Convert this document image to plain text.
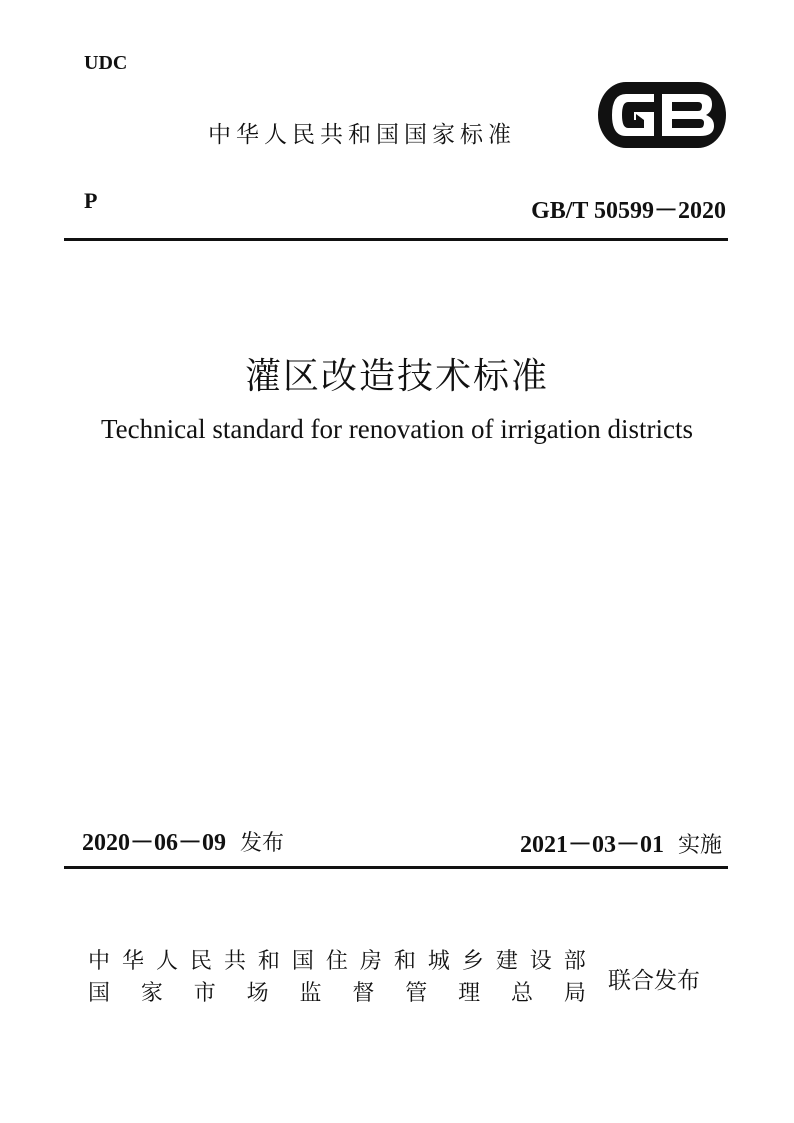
UDC
中华人民共和国国家标准
P	GB/T 50599－2020
灌区改造技术标准
Technical standard for renovation of irrigation districts
2020－06－09 发布	2021－03－01 实施
中 华 人 民 共 和 国 住 房 和 城 乡 建 设 部
国 家 市 场 监 督 管 理 总 局 联合发布
